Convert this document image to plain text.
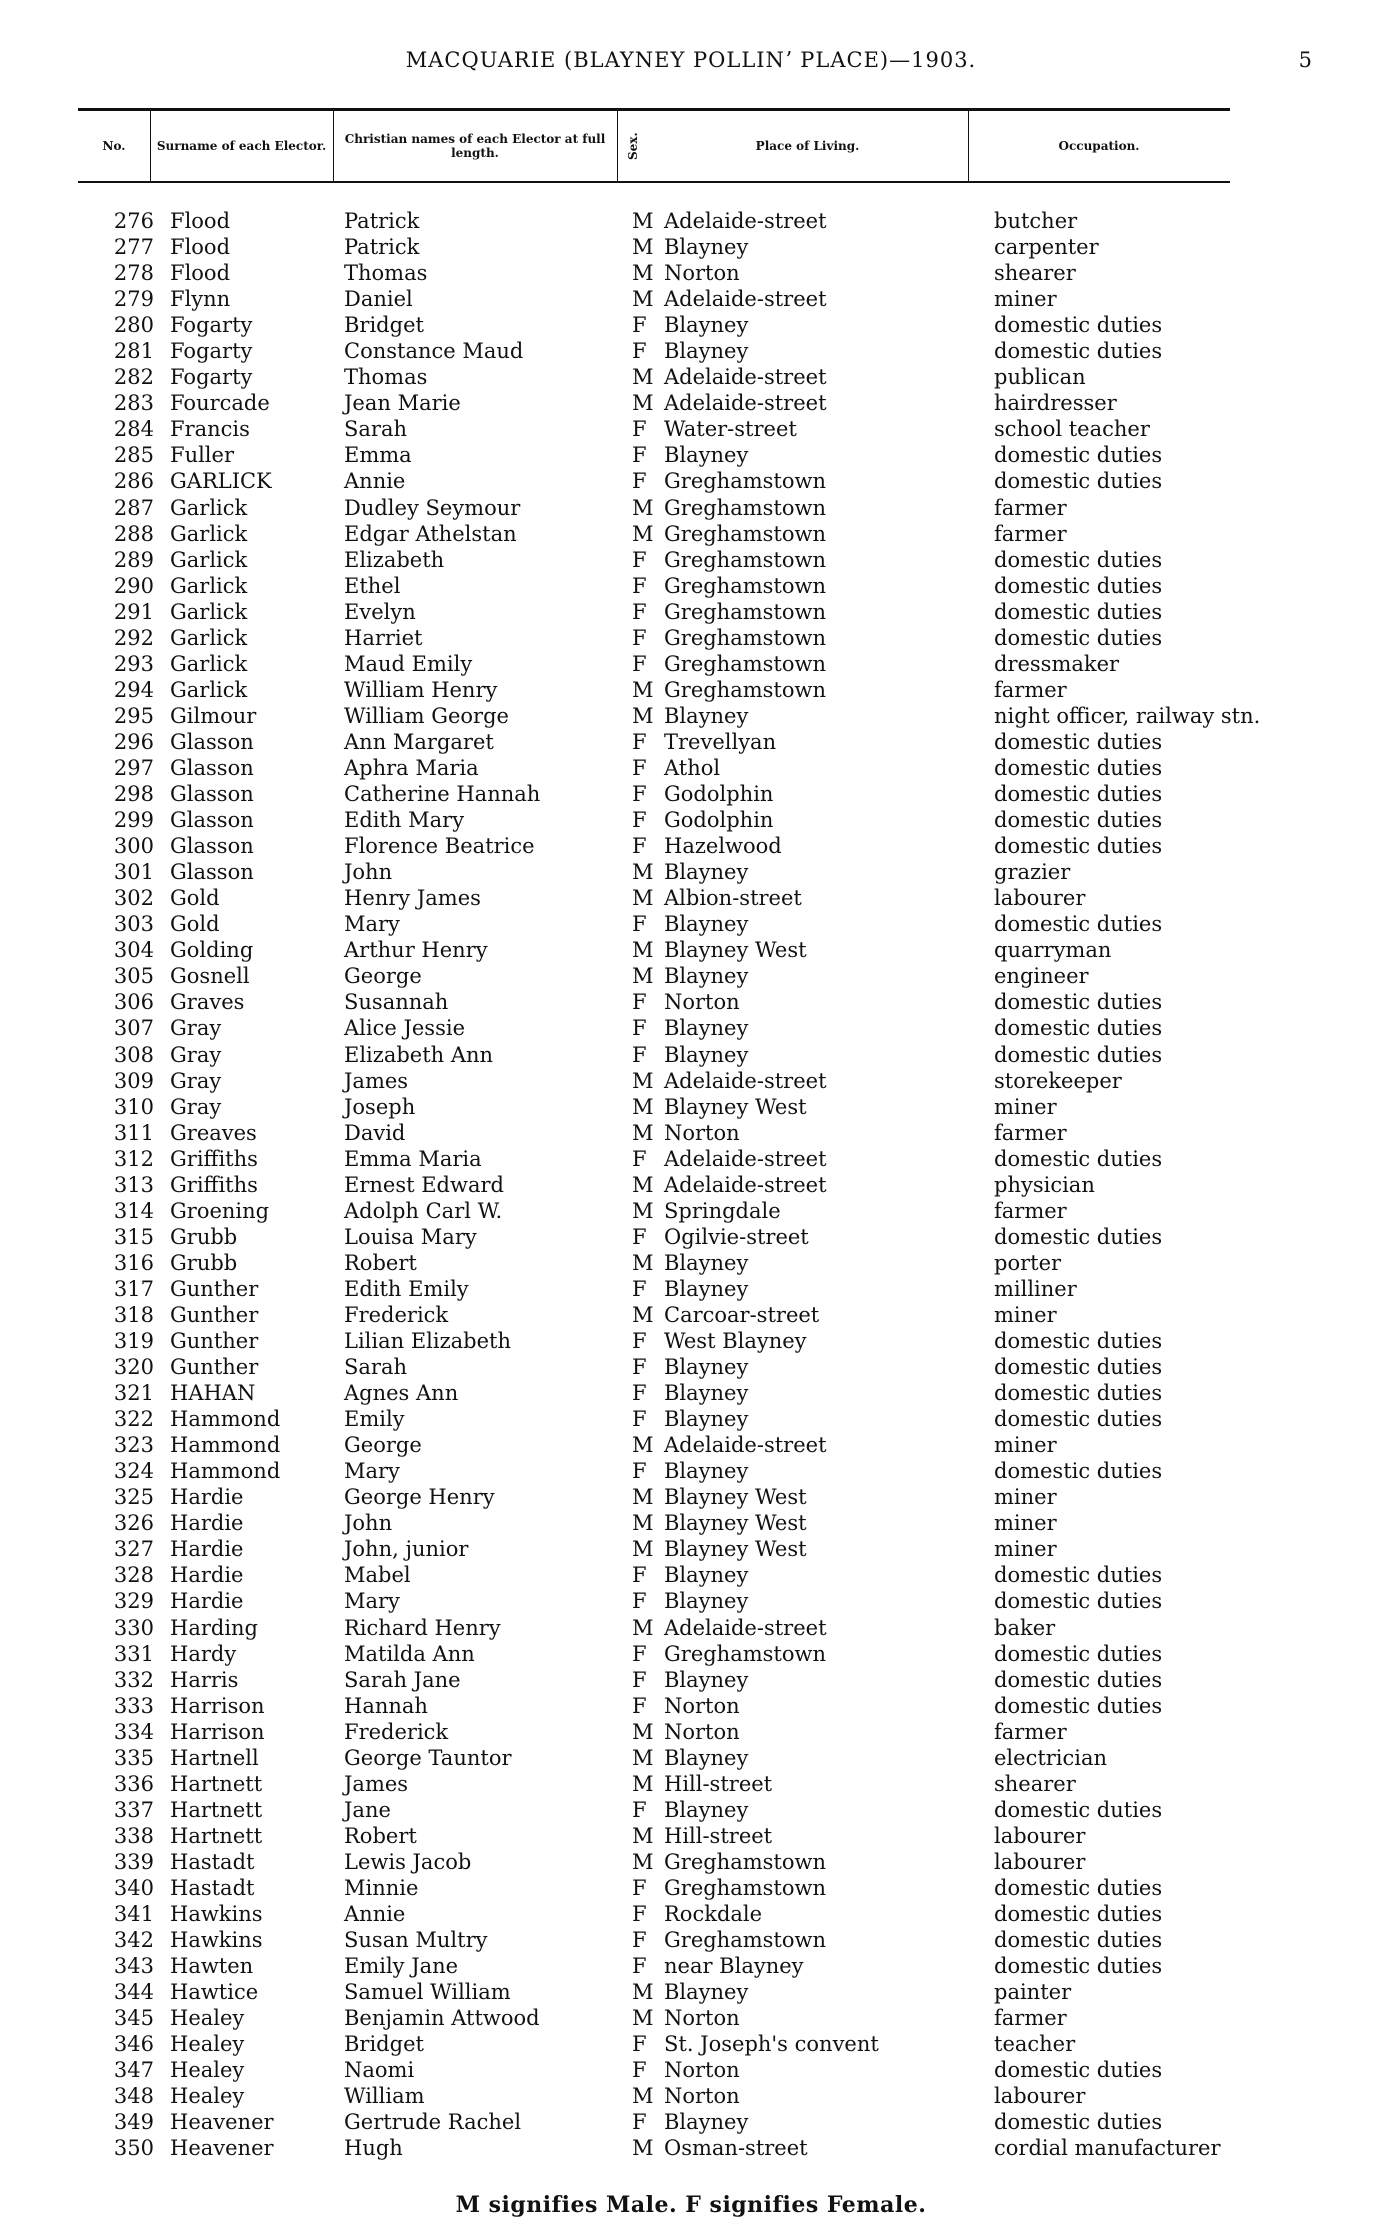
MACQUARIE (BLAYNEY POLLINʼ PLACE)—1903.	5
No.	Surname of each Elector.	Christian names of each Elector at full length.	Sex.	Place of Living.	Occupation.
276 Flood	Patrick	M Adelaide-street	butcher
277 Flood	Patrick	M Blayney	carpenter
278 Flood	Thomas	M Norton	shearer
279 Flynn	Daniel	M Adelaide-street	miner
280 Fogarty	Bridget	F Blayney	domestic duties
281 Fogarty	Constance Maud	F Blayney	domestic duties
282 Fogarty	Thomas	M Adelaide-street	publican
283 Fourcade	Jean Marie	M Adelaide-street	hairdresser
284 Francis	Sarah	F Water-street	school teacher
285 Fuller	Emma	F Blayney	domestic duties
286 GARLICK	Annie	F Greghamstown	domestic duties
287 Garlick	Dudley Seymour	M Greghamstown	farmer
288 Garlick	Edgar Athelstan	M Greghamstown	farmer
289 Garlick	Elizabeth	F Greghamstown	domestic duties
290 Garlick	Ethel	F Greghamstown	domestic duties
291 Garlick	Evelyn	F Greghamstown	domestic duties
292 Garlick	Harriet	F Greghamstown	domestic duties
293 Garlick	Maud Emily	F Greghamstown	dressmaker
294 Garlick	William Henry	M Greghamstown	farmer
295 Gilmour	William George	M Blayney	night officer, railway stn.
296 Glasson	Ann Margaret	F Trevellyan	domestic duties
297 Glasson	Aphra Maria	F Athol	domestic duties
298 Glasson	Catherine Hannah	F Godolphin	domestic duties
299 Glasson	Edith Mary	F Godolphin	domestic duties
300 Glasson	Florence Beatrice	F Hazelwood	domestic duties
301 Glasson	John	M Blayney	grazier
302 Gold	Henry James	M Albion-street	labourer
303 Gold	Mary	F Blayney	domestic duties
304 Golding	Arthur Henry	M Blayney West	quarryman
305 Gosnell	George	M Blayney	engineer
306 Graves	Susannah	F Norton	domestic duties
307 Gray	Alice Jessie	F Blayney	domestic duties
308 Gray	Elizabeth Ann	F Blayney	domestic duties
309 Gray	James	M Adelaide-street	storekeeper
310 Gray	Joseph	M Blayney West	miner
311 Greaves	David	M Norton	farmer
312 Griffiths	Emma Maria	F Adelaide-street	domestic duties
313 Griffiths	Ernest Edward	M Adelaide-street	physician
314 Groening	Adolph Carl W.	M Springdale	farmer
315 Grubb	Louisa Mary	F Ogilvie-street	domestic duties
316 Grubb	Robert	M Blayney	porter
317 Gunther	Edith Emily	F Blayney	milliner
318 Gunther	Frederick	M Carcoar-street	miner
319 Gunther	Lilian Elizabeth	F West Blayney	domestic duties
320 Gunther	Sarah	F Blayney	domestic duties
321 HAHAN	Agnes Ann	F Blayney	domestic duties
322 Hammond	Emily	F Blayney	domestic duties
323 Hammond	George	M Adelaide-street	miner
324 Hammond	Mary	F Blayney	domestic duties
325 Hardie	George Henry	M Blayney West	miner
326 Hardie	John	M Blayney West	miner
327 Hardie	John, junior	M Blayney West	miner
328 Hardie	Mabel	F Blayney	domestic duties
329 Hardie	Mary	F Blayney	domestic duties
330 Harding	Richard Henry	M Adelaide-street	baker
331 Hardy	Matilda Ann	F Greghamstown	domestic duties
332 Harris	Sarah Jane	F Blayney	domestic duties
333 Harrison	Hannah	F Norton	domestic duties
334 Harrison	Frederick	M Norton	farmer
335 Hartnell	George Tauntor	M Blayney	electrician
336 Hartnett	James	M Hill-street	shearer
337 Hartnett	Jane	F Blayney	domestic duties
338 Hartnett	Robert	M Hill-street	labourer
339 Hastadt	Lewis Jacob	M Greghamstown	labourer
340 Hastadt	Minnie	F Greghamstown	domestic duties
341 Hawkins	Annie	F Rockdale	domestic duties
342 Hawkins	Susan Multry	F Greghamstown	domestic duties
343 Hawten	Emily Jane	F near Blayney	domestic duties
344 Hawtice	Samuel William	M Blayney	painter
345 Healey	Benjamin Attwood	M Norton	farmer
346 Healey	Bridget	F St. Joseph's convent	teacher
347 Healey	Naomi	F Norton	domestic duties
348 Healey	William	M Norton	labourer
349 Heavener	Gertrude Rachel	F Blayney	domestic duties
350 Heavener	Hugh	M Osman-street	cordial manufacturer
M signifies Male. F signifies Female.
